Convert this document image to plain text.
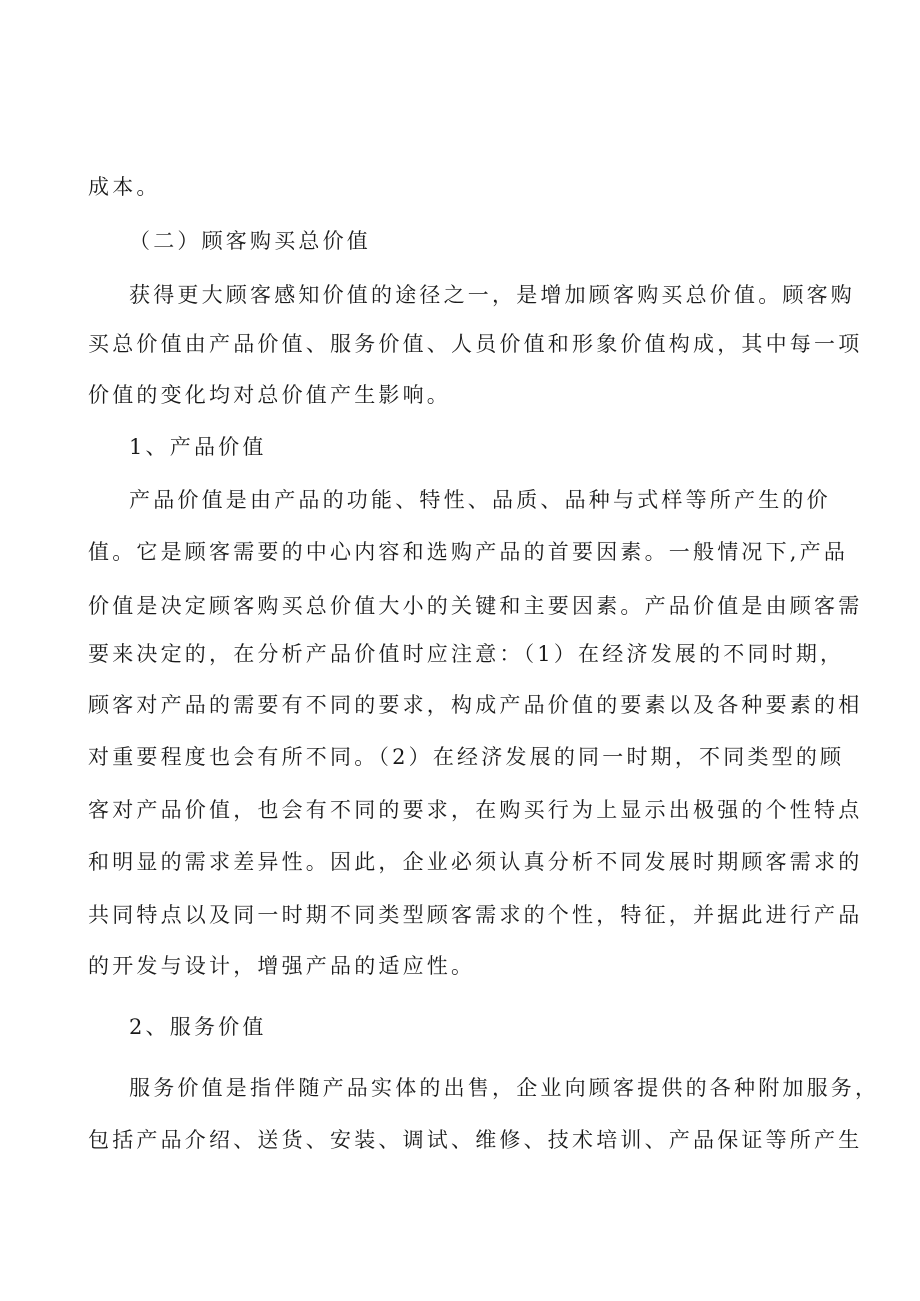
成本。
（二）顾客购买总价值
获得更大顾客感知价值的途径之一，是增加顾客购买总价值。顾客购
买总价值由产品价值、服务价值、人员价值和形象价值构成，其中每一项
价值的变化均对总价值产生影响。
1、产品价值
产品价值是由产品的功能、特性、品质、品种与式样等所产生的价
值。它是顾客需要的中心内容和选购产品的首要因素。一般情况下,产品
价值是决定顾客购买总价值大小的关键和主要因素。产品价值是由顾客需
要来决定的，在分析产品价值时应注意：（1）在经济发展的不同时期，
顾客对产品的需要有不同的要求，构成产品价值的要素以及各种要素的相
对重要程度也会有所不同。（2）在经济发展的同一时期，不同类型的顾
客对产品价值，也会有不同的要求，在购买行为上显示出极强的个性特点
和明显的需求差异性。因此，企业必须认真分析不同发展时期顾客需求的
共同特点以及同一时期不同类型顾客需求的个性，特征，并据此进行产品
的开发与设计，增强产品的适应性。
2、服务价值
服务价值是指伴随产品实体的出售，企业向顾客提供的各种附加服务，
包括产品介绍、送货、安装、调试、维修、技术培训、产品保证等所产生
